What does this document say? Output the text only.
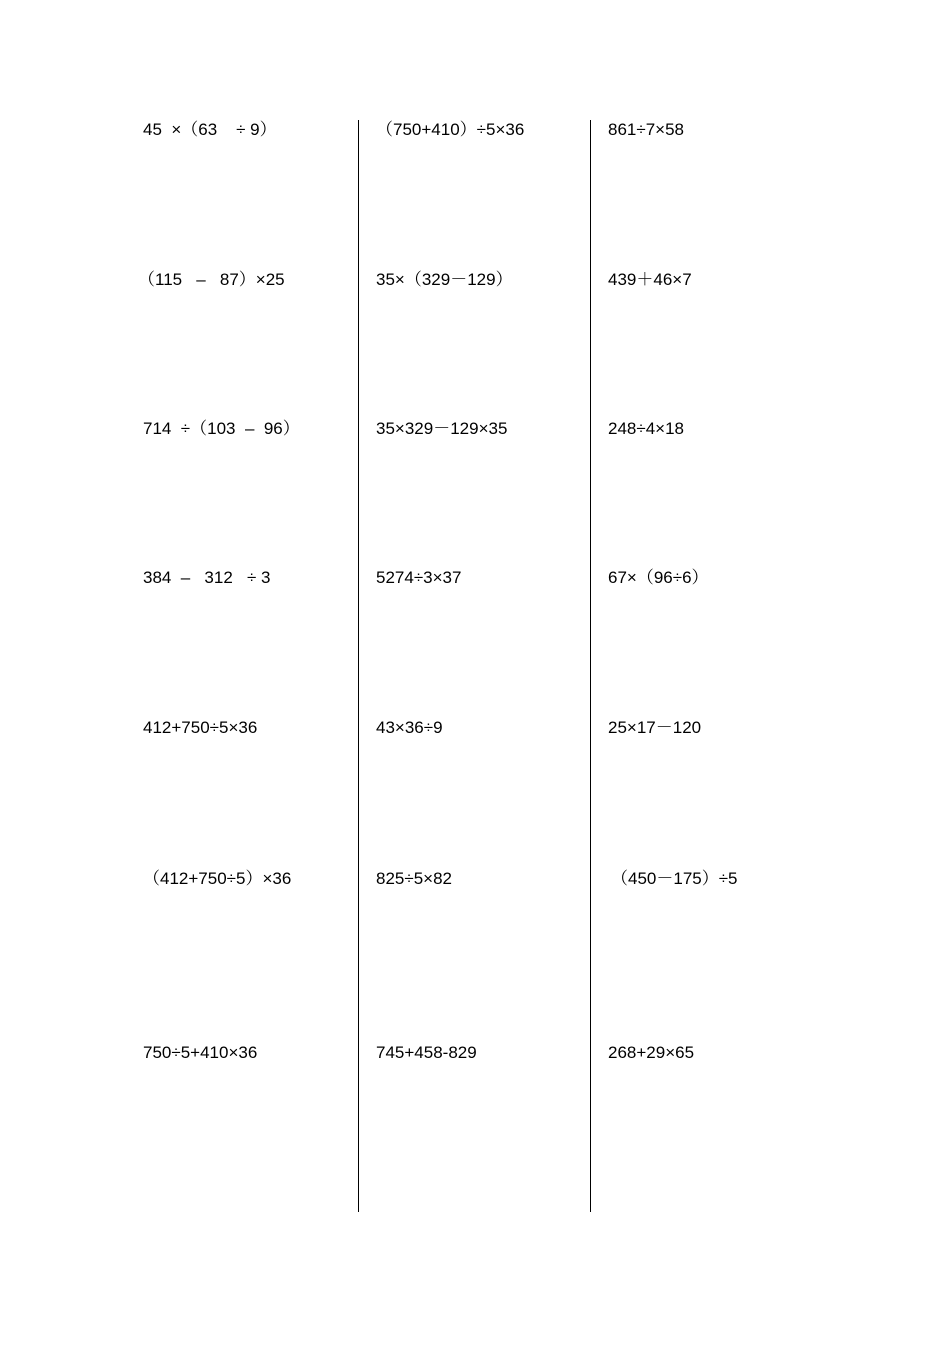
45  ×（63    ÷ 9）
（115   –   87）×25
714  ÷（103  –  96）
384  –   312   ÷ 3
412+750÷5×36
（412+750÷5）×36
750÷5+410×36
（750+410）÷5×36
35×（329－129）
35×329－129×35
5274÷3×37
43×36÷9
825÷5×82
745+458-829
861÷7×58
439＋46×7
248÷4×18
67×（96÷6）
25×17－120
（450－175）÷5
268+29×65
